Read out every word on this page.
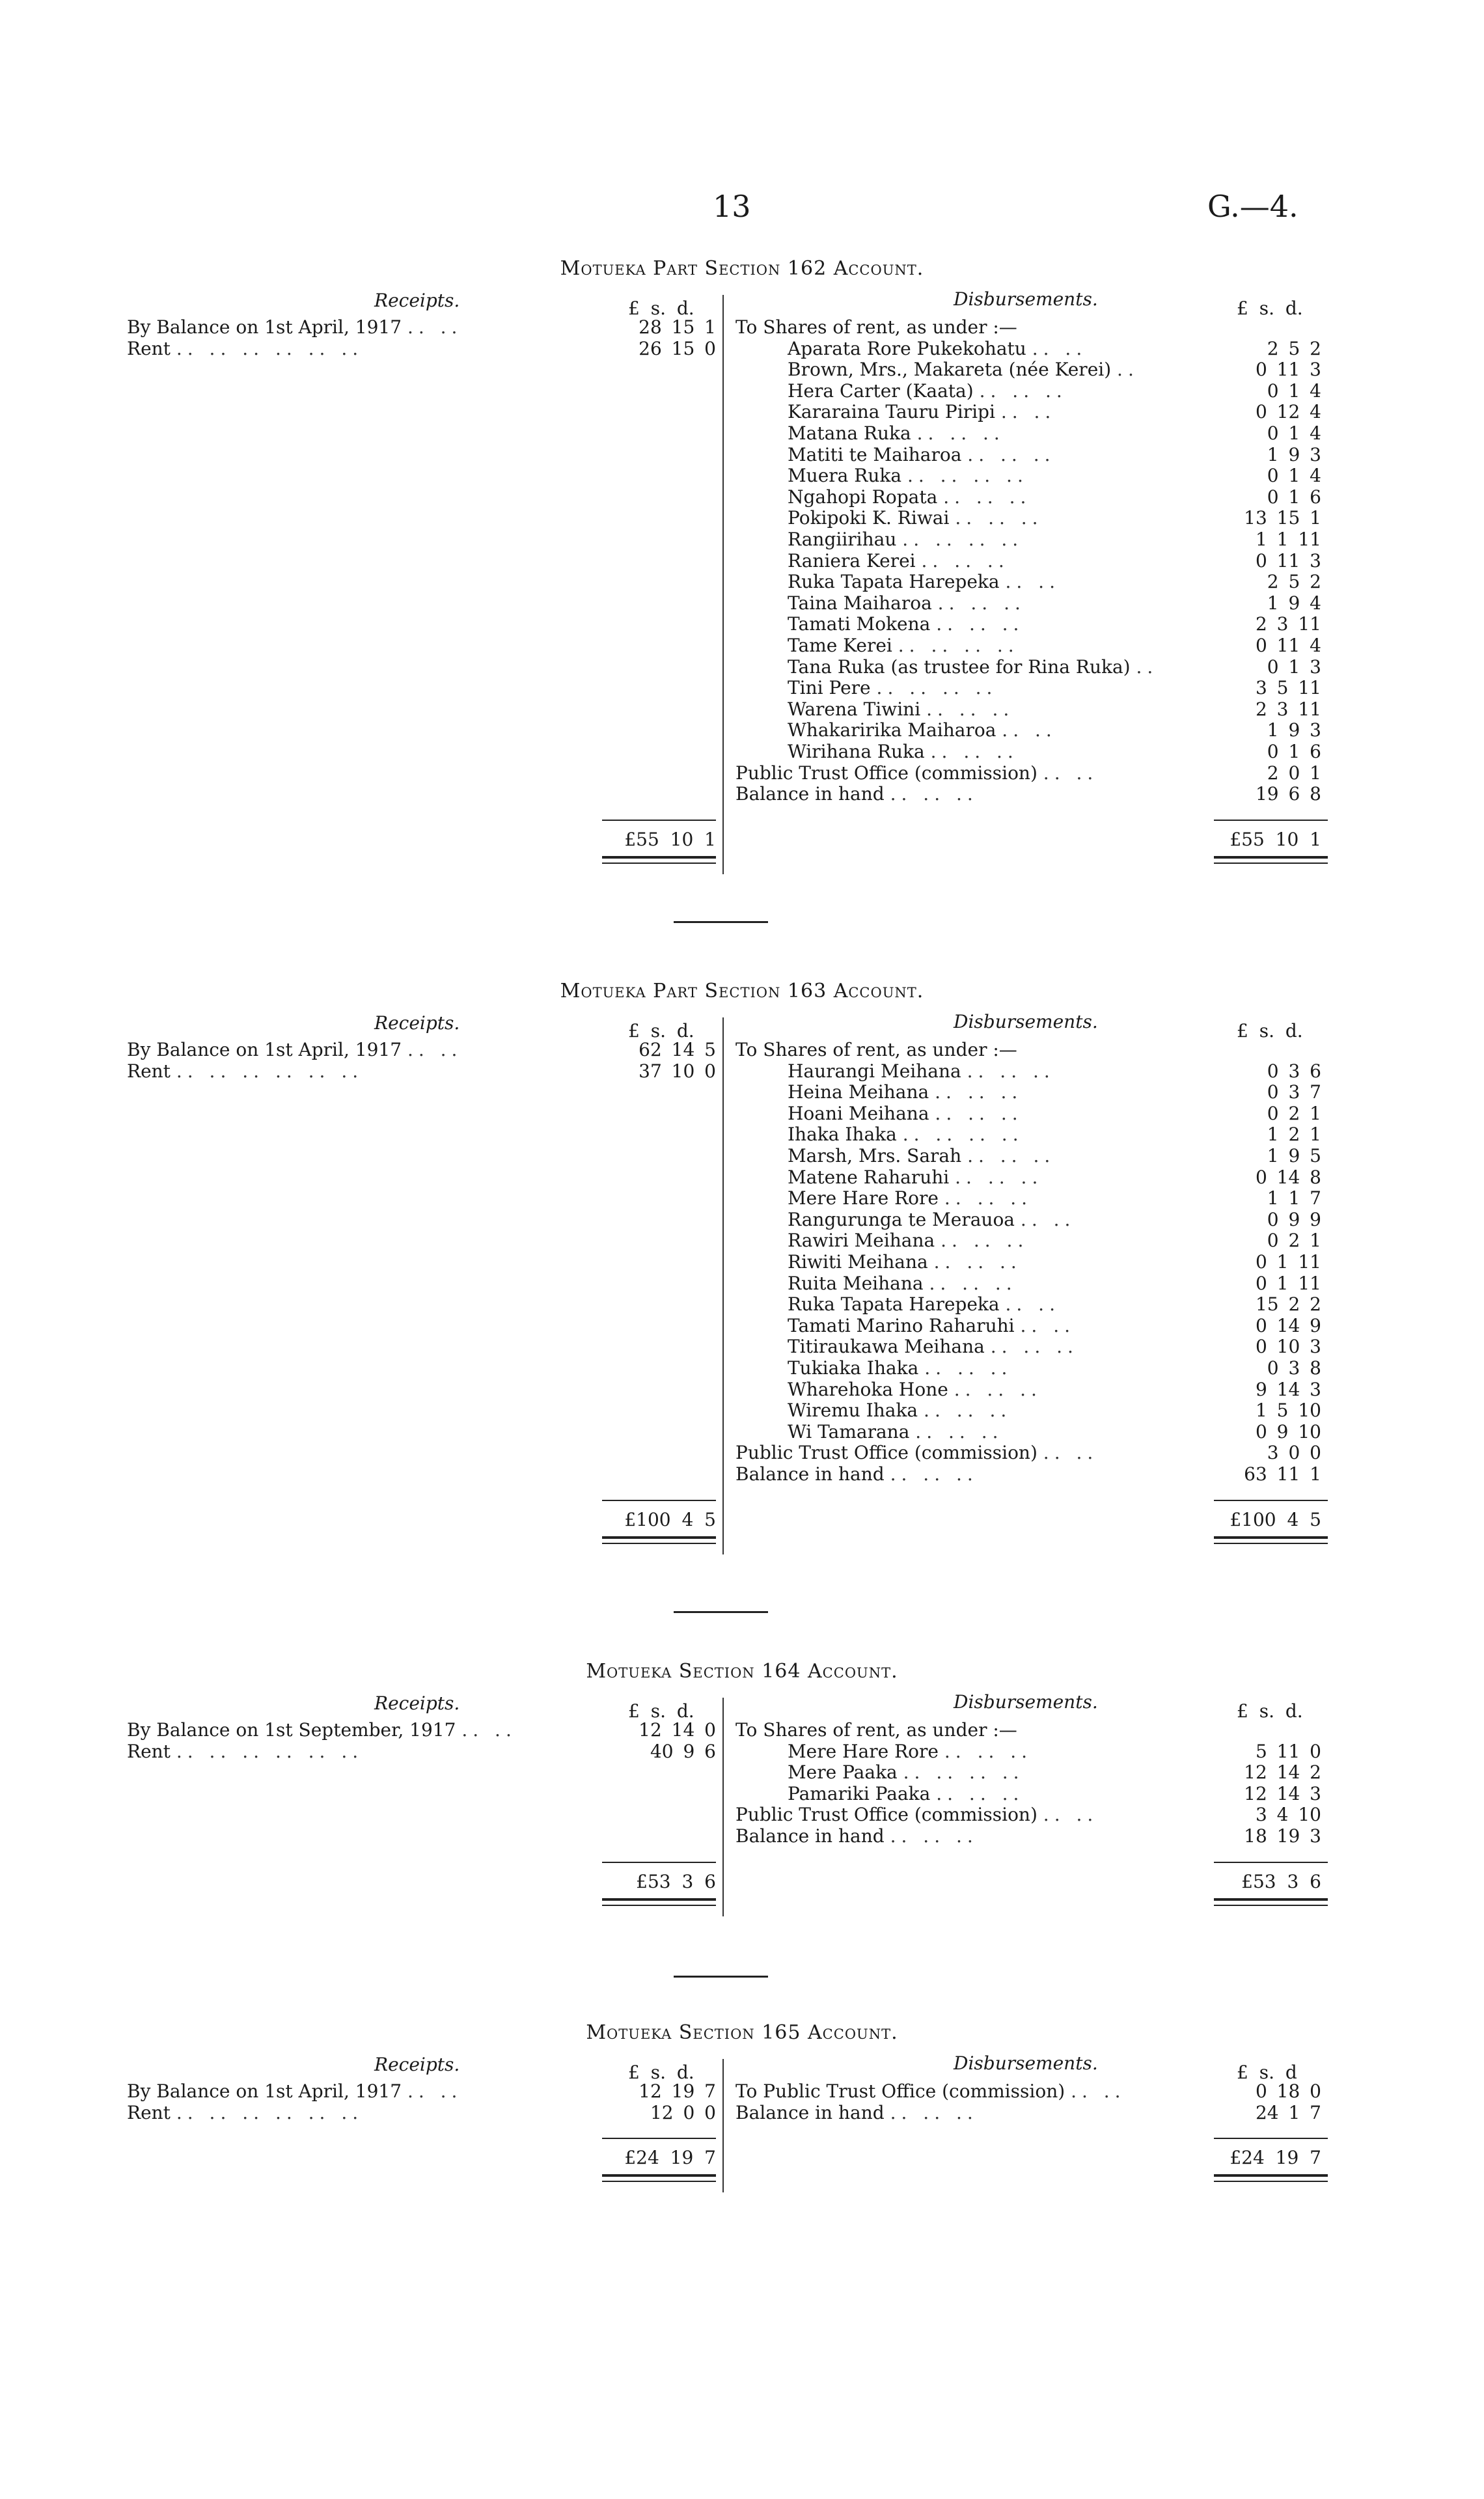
13	G.—4.
Motueka Part Section 162 Account.
Receipts.	Disbursements.
£ s. d.	£ s. d.
By Balance on 1st April, 1917 .. ..	28 15 1
Rent .. .. .. .. .. ..	26 15 0
To Shares of rent, as under :—
Aparata Rore Pukekohatu .. ..	2 5 2
Brown, Mrs., Makareta (née Kerei) ..	0 11 3
Hera Carter (Kaata) .. .. ..	0 1 4
Kararaina Tauru Piripi .. ..	0 12 4
Matana Ruka .. .. ..	0 1 4
Matiti te Maiharoa .. .. ..	1 9 3
Muera Ruka .. .. .. ..	0 1 4
Ngahopi Ropata .. .. ..	0 1 6
Pokipoki K. Riwai .. .. ..	13 15 1
Rangiirihau .. .. .. ..	1 1 11
Raniera Kerei .. .. ..	0 11 3
Ruka Tapata Harepeka .. ..	2 5 2
Taina Maiharoa .. .. ..	1 9 4
Tamati Mokena .. .. ..	2 3 11
Tame Kerei .. .. .. ..	0 11 4
Tana Ruka (as trustee for Rina Ruka) ..	0 1 3
Tini Pere .. .. .. ..	3 5 11
Warena Tiwini .. .. ..	2 3 11
Whakaririka Maiharoa .. ..	1 9 3
Wirihana Ruka .. .. ..	0 1 6
Public Trust Office (commission) .. ..	2 0 1
Balance in hand .. .. ..	19 6 8
£55 10 1	£55 10 1
Motueka Part Section 163 Account.
Receipts.	Disbursements.
£ s. d.	£ s. d.
By Balance on 1st April, 1917 .. ..	62 14 5
Rent .. .. .. .. .. ..	37 10 0
To Shares of rent, as under :—
Haurangi Meihana .. .. ..	0 3 6
Heina Meihana .. .. ..	0 3 7
Hoani Meihana .. .. ..	0 2 1
Ihaka Ihaka .. .. .. ..	1 2 1
Marsh, Mrs. Sarah .. .. ..	1 9 5
Matene Raharuhi .. .. ..	0 14 8
Mere Hare Rore .. .. ..	1 1 7
Rangurunga te Merauoa .. ..	0 9 9
Rawiri Meihana .. .. ..	0 2 1
Riwiti Meihana .. .. ..	0 1 11
Ruita Meihana .. .. ..	0 1 11
Ruka Tapata Harepeka .. ..	15 2 2
Tamati Marino Raharuhi .. ..	0 14 9
Titiraukawa Meihana .. .. ..	0 10 3
Tukiaka Ihaka .. .. ..	0 3 8
Wharehoka Hone .. .. ..	9 14 3
Wiremu Ihaka .. .. ..	1 5 10
Wi Tamarana .. .. ..	0 9 10
Public Trust Office (commission) .. ..	3 0 0
Balance in hand .. .. ..	63 11 1
£100 4 5	£100 4 5
Motueka Section 164 Account.
Receipts.	Disbursements.
£ s. d.	£ s. d.
By Balance on 1st September, 1917 .. ..	12 14 0
Rent .. .. .. .. .. ..	40 9 6
To Shares of rent, as under :—
Mere Hare Rore .. .. ..	5 11 0
Mere Paaka .. .. .. ..	12 14 2
Pamariki Paaka .. .. ..	12 14 3
Public Trust Office (commission) .. ..	3 4 10
Balance in hand .. .. ..	18 19 3
£53 3 6	£53 3 6
Motueka Section 165 Account.
Receipts.	Disbursements.
£ s. d.	£ s. d
By Balance on 1st April, 1917 .. ..	12 19 7
Rent .. .. .. .. .. ..	12 0 0
To Public Trust Office (commission) .. ..	0 18 0
Balance in hand .. .. ..	24 1 7
£24 19 7	£24 19 7
